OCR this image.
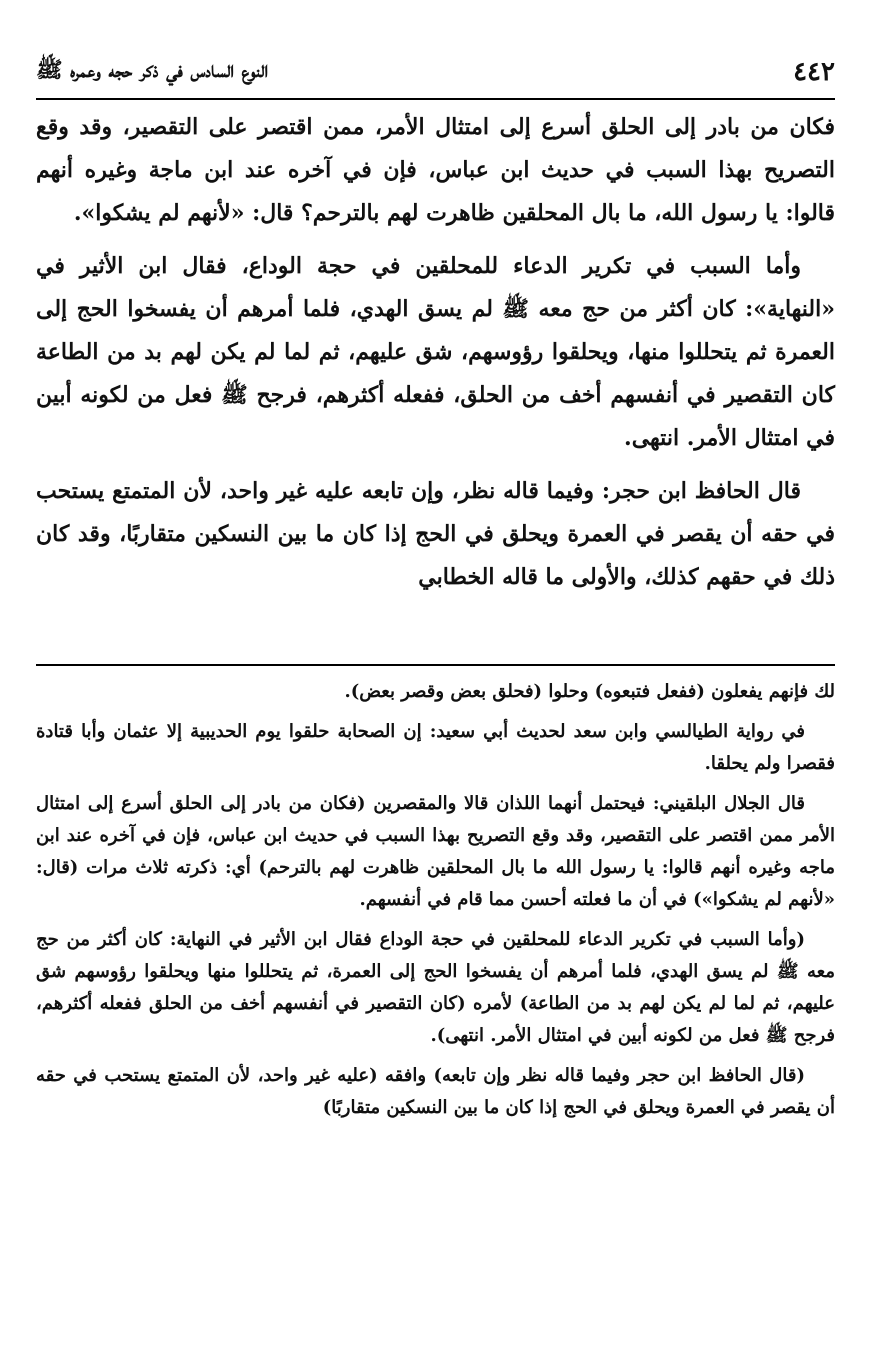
٤٤٢
النوع السادس في ذكر حجه وعمره ﷺ

فكان من بادر إلى الحلق أسرع إلى امتثال الأمر، ممن اقتصر على التقصير، وقد وقع التصريح بهذا السبب في حديث ابن عباس، فإن في آخره عند ابن ماجة وغيره أنهم قالوا: يا رسول الله، ما بال المحلقين ظاهرت لهم بالترحم؟ قال: «لأنهم لم يشكوا».

وأما السبب في تكرير الدعاء للمحلقين في حجة الوداع، فقال ابن الأثير في «النهاية»: كان أكثر من حج معه ﷺ لم يسق الهدي، فلما أمرهم أن يفسخوا الحج إلى العمرة ثم يتحللوا منها، ويحلقوا رؤوسهم، شق عليهم، ثم لما لم يكن لهم بد من الطاعة كان التقصير في أنفسهم أخف من الحلق، ففعله أكثرهم، فرجح ﷺ فعل من لكونه أبين في امتثال الأمر. انتهى.

قال الحافظ ابن حجر: وفيما قاله نظر، وإن تابعه عليه غير واحد، لأن المتمتع يستحب في حقه أن يقصر في العمرة ويحلق في الحج إذا كان ما بين النسكين متقاربًا، وقد كان ذلك في حقهم كذلك، والأولى ما قاله الخطابي

لك فإنهم يفعلون (ففعل فتبعوه) وحلوا (فحلق بعض وقصر بعض).

في رواية الطيالسي وابن سعد لحديث أبي سعيد: إن الصحابة حلقوا يوم الحديبية إلا عثمان وأبا قتادة فقصرا ولم يحلقا.

قال الجلال البلقيني: فيحتمل أنهما اللذان قالا والمقصرين (فكان من بادر إلى الحلق أسرع إلى امتثال الأمر ممن اقتصر على التقصير، وقد وقع التصريح بهذا السبب في حديث ابن عباس، فإن في آخره عند ابن ماجه وغيره أنهم قالوا: يا رسول الله ما بال المحلقين ظاهرت لهم بالترحم) أي: ذكرته ثلاث مرات (قال: «لأنهم لم يشكوا») في أن ما فعلته أحسن مما قام في أنفسهم.

(وأما السبب في تكرير الدعاء للمحلقين في حجة الوداع فقال ابن الأثير في النهاية: كان أكثر من حج معه ﷺ لم يسق الهدي، فلما أمرهم أن يفسخوا الحج إلى العمرة، ثم يتحللوا منها ويحلقوا رؤوسهم شق عليهم، ثم لما لم يكن لهم بد من الطاعة) لأمره (كان التقصير في أنفسهم أخف من الحلق ففعله أكثرهم، فرجح ﷺ فعل من لكونه أبين في امتثال الأمر. انتهى).

(قال الحافظ ابن حجر وفيما قاله نظر وإن تابعه) وافقه (عليه غير واحد، لأن المتمتع يستحب في حقه أن يقصر في العمرة ويحلق في الحج إذا كان ما بين النسكين متقاربًا)
